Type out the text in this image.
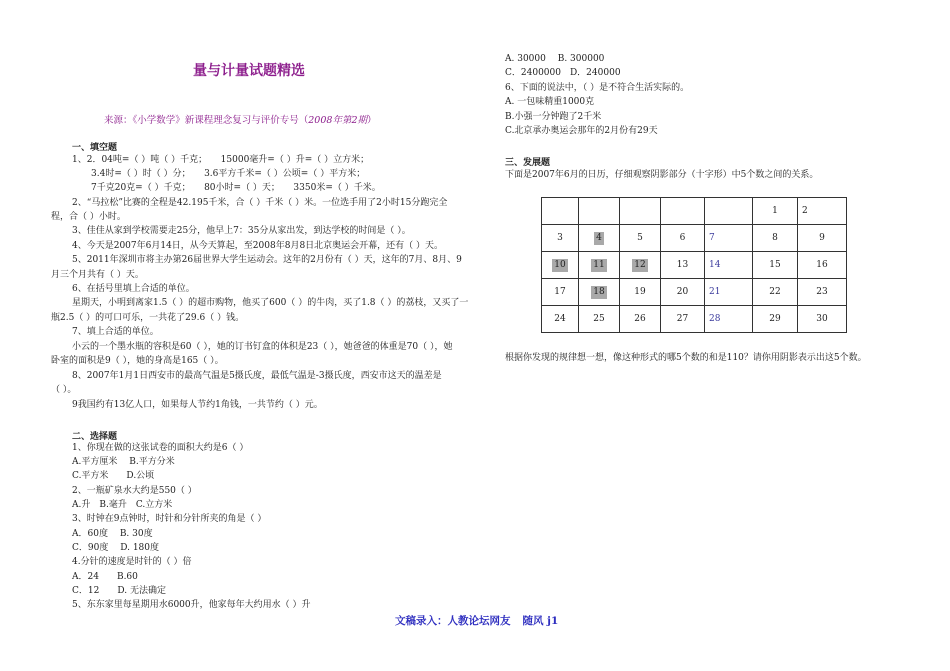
量与计量试题精选
来源：《小学数学》新课程理念复习与评价专号（2008年第2期）
一、填空题
1、2．04吨=（ ）吨（ ）千克；　　15000毫升=（ ）升=（ ）立方米；
3.4时=（ ）时（ ）分；　　3.6平方千米=（ ）公顷=（ ）平方米；
7千克20克=（ ）千克；　　80小时=（ ）天；　　3350米=（ ）千米。
2、“马拉松”比赛的全程是42.195千米，合（ ）千米（ ）米。一位选手用了2小时15分跑完全
程，合（ ）小时。
3、佳佳从家到学校需要走25分，他早上7：35分从家出发，到达学校的时间是（ ）。
4、今天是2007年6月14日，从今天算起，至2008年8月8日北京奥运会开幕，还有（ ）天。
5、2011年深圳市将主办第26届世界大学生运动会。这年的2月份有（ ）天，这年的7月、8月、9
月三个月共有（ ）天。
6、在括号里填上合适的单位。
星期天，小明到离家1.5（ ）的超市购物，他买了600（ ）的牛肉，买了1.8（ ）的荔枝，又买了一
瓶2.5（ ）的可口可乐，一共花了29.6（ ）钱。
7、填上合适的单位。
小云的一个墨水瓶的容积是60（ ），她的订书钉盒的体积是23（ ），她爸爸的体重是70（ ），她
卧室的面积是9（ ），她的身高是165（ ）。
8、2007年1月1日西安市的最高气温是5摄氏度，最低气温是-3摄氏度，西安市这天的温差是
（ ）。
9我国约有13亿人口，如果每人节约1角钱，一共节约（ ）元。
二、选择题
1、你现在做的这张试卷的面积大约是6（ ）
A.平方厘米　 B.平方分米
C.平方米　　D.公顷
2、一瓶矿泉水大约是550（ ）
A.升　B.毫升　C.立方米
3、时钟在9点钟时，时针和分针所夹的角是（ ）
A．60度　 B. 30度
C．90度　 D. 180度
4.分针的速度是时针的（ ）倍
A．24　　B.60
C．12　　D. 无法确定
5、东东家里每星期用水6000升，他家每年大约用水（ ）升
A. 30000　 B. 300000
C．2400000　D．240000
6、下面的说法中，（ ）是不符合生活实际的。
A. 一包味精重1000克
B.小强一分钟跑了2千米
C.北京承办奥运会那年的2月份有29天
三、发展题
下面是2007年6月的日历，仔细观察阴影部分（十字形）中5个数之间的关系。
					1	2
3	4	5	6	7	8	9
10	11	12	13	14	15	16
17	18	19	20	21	22	23
24	25	26	27	28	29	30
根据你发现的规律想一想，像这种形式的哪5个数的和是110？请你用阴影表示出这5个数。
文稿录入：人教论坛网友 随风 j1
